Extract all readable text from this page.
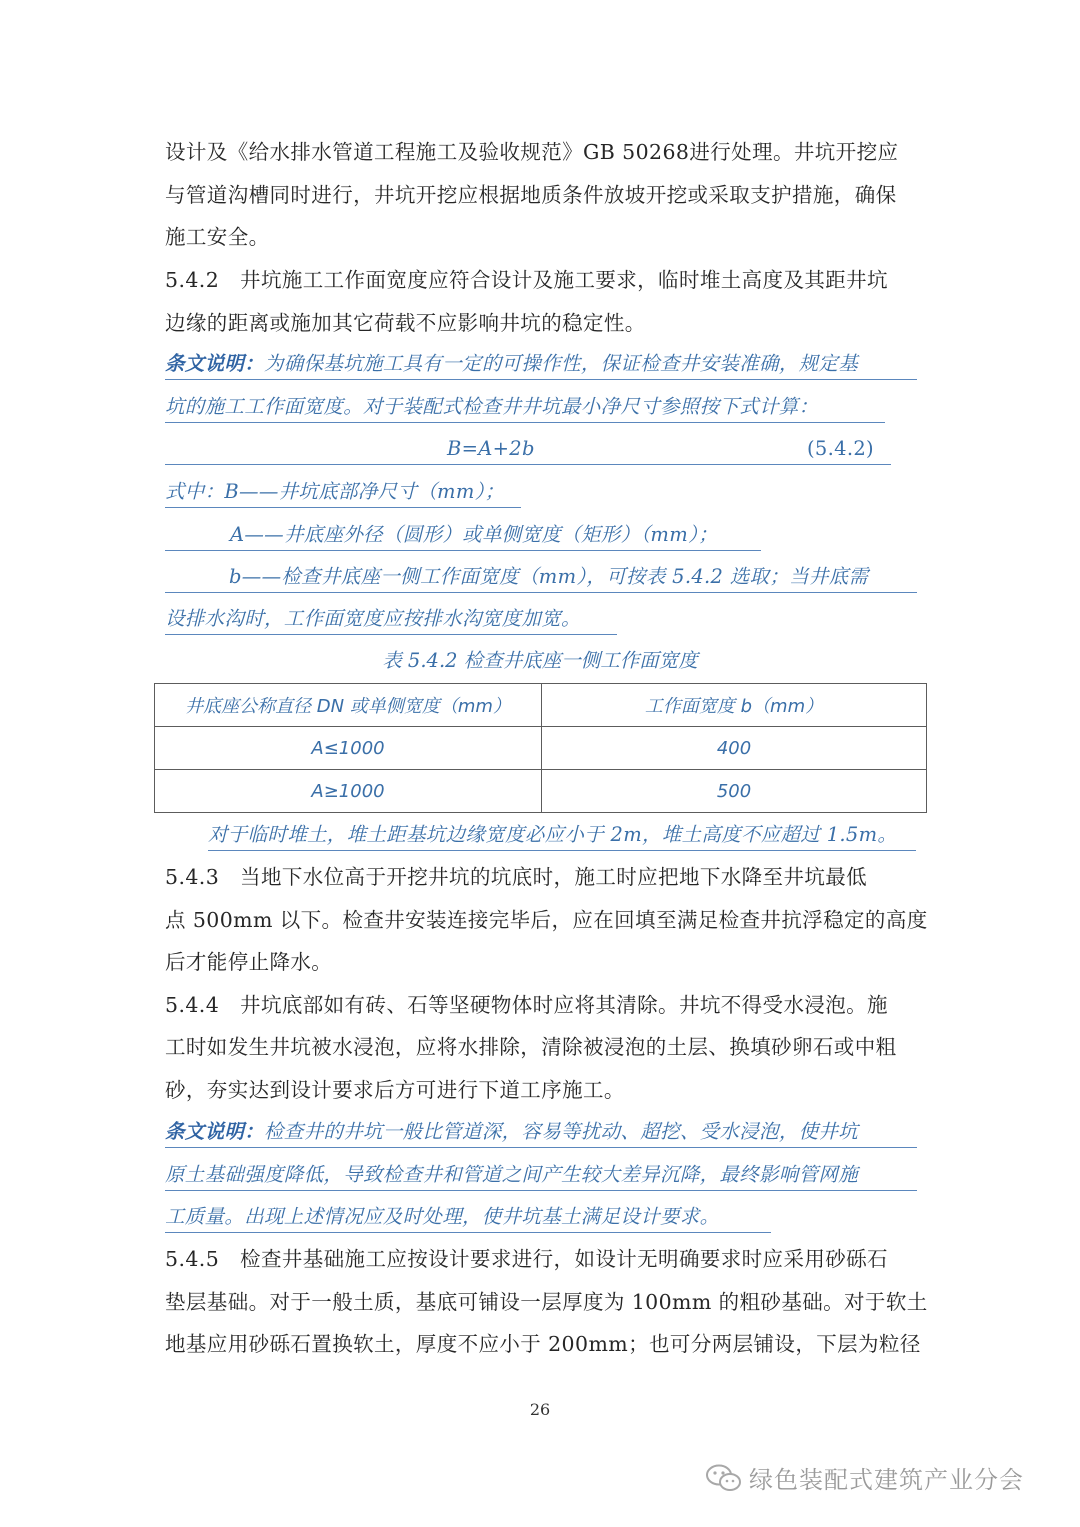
设计及《给水排水管道工程施工及验收规范》GB 50268进行处理。井坑开挖应
与管道沟槽同时进行，井坑开挖应根据地质条件放坡开挖或采取支护措施，确保
施工安全。
5.4.2　井坑施工工作面宽度应符合设计及施工要求，临时堆土高度及其距井坑
边缘的距离或施加其它荷载不应影响井坑的稳定性。
条文说明：为确保基坑施工具有一定的可操作性，保证检查井安装准确，规定基
坑的施工工作面宽度。对于装配式检查井井坑最小净尺寸参照按下式计算：
B=A+2b	(5.4.2)
式中：B——井坑底部净尺寸（mm）；
A——井底座外径（圆形）或单侧宽度（矩形）（mm）；
b——检查井底座一侧工作面宽度（mm），可按表 5.4.2 选取；当井底需
设排水沟时，工作面宽度应按排水沟宽度加宽。
表 5.4.2 检查井底座一侧工作面宽度
井底座公称直径 DN 或单侧宽度（mm）	工作面宽度 b（mm）
A≤1000	400
A≥1000	500
对于临时堆土，堆土距基坑边缘宽度必应小于 2m，堆土高度不应超过 1.5m。
5.4.3　当地下水位高于开挖井坑的坑底时，施工时应把地下水降至井坑最低
点 500mm 以下。检查井安装连接完毕后，应在回填至满足检查井抗浮稳定的高度
后才能停止降水。
5.4.4　井坑底部如有砖、石等坚硬物体时应将其清除。井坑不得受水浸泡。施
工时如发生井坑被水浸泡，应将水排除，清除被浸泡的土层、换填砂卵石或中粗
砂，夯实达到设计要求后方可进行下道工序施工。
条文说明：检查井的井坑一般比管道深，容易等扰动、超挖、受水浸泡，使井坑
原土基础强度降低，导致检查井和管道之间产生较大差异沉降，最终影响管网施
工质量。出现上述情况应及时处理，使井坑基土满足设计要求。
5.4.5　检查井基础施工应按设计要求进行，如设计无明确要求时应采用砂砾石
垫层基础。对于一般土质，基底可铺设一层厚度为 100mm 的粗砂基础。对于软土
地基应用砂砾石置换软土，厚度不应小于 200mm；也可分两层铺设，下层为粒径
26
绿色装配式建筑产业分会
